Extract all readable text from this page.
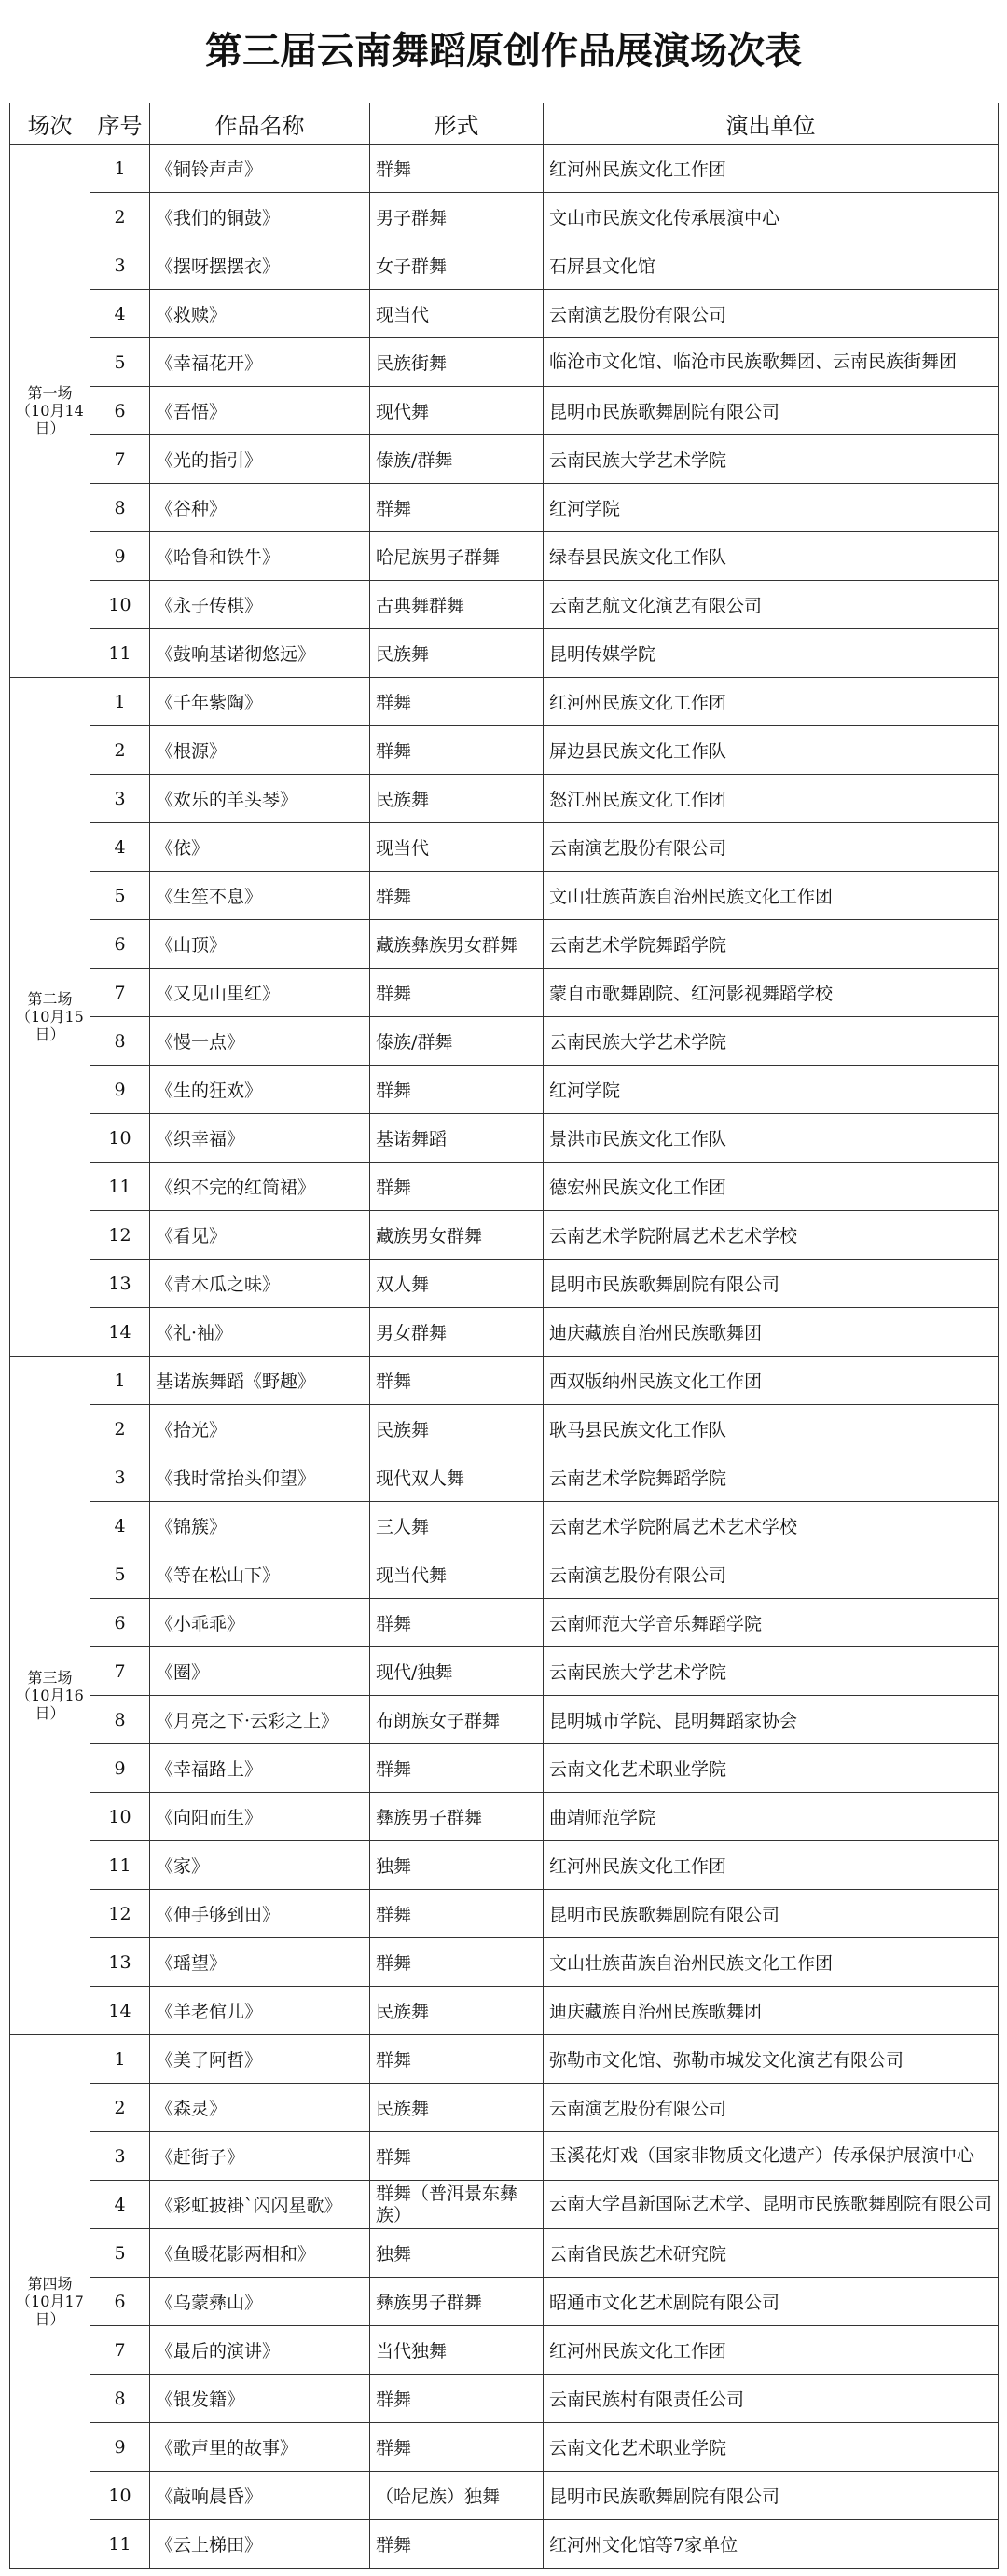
第三届云南舞蹈原创作品展演场次表
场次	序号	作品名称	形式	演出单位
第一场（10月14日）	1	《铜铃声声》	群舞	红河州民族文化工作团
	2	《我们的铜鼓》	男子群舞	文山市民族文化传承展演中心
	3	《摆呀摆摆衣》	女子群舞	石屏县文化馆
	4	《救赎》	现当代	云南演艺股份有限公司
	5	《幸福花开》	民族街舞	临沧市文化馆、临沧市民族歌舞团、云南民族街舞团
	6	《吾悟》	现代舞	昆明市民族歌舞剧院有限公司
	7	《光的指引》	傣族/群舞	云南民族大学艺术学院
	8	《谷种》	群舞	红河学院
	9	《哈鲁和铁牛》	哈尼族男子群舞	绿春县民族文化工作队
	10	《永子传棋》	古典舞群舞	云南艺航文化演艺有限公司
	11	《鼓响基诺彻悠远》	民族舞	昆明传媒学院
第二场（10月15日）	1	《千年紫陶》	群舞	红河州民族文化工作团
	2	《根源》	群舞	屏边县民族文化工作队
	3	《欢乐的羊头琴》	民族舞	怒江州民族文化工作团
	4	《依》	现当代	云南演艺股份有限公司
	5	《生笙不息》	群舞	文山壮族苗族自治州民族文化工作团
	6	《山顶》	藏族彝族男女群舞	云南艺术学院舞蹈学院
	7	《又见山里红》	群舞	蒙自市歌舞剧院、红河影视舞蹈学校
	8	《慢一点》	傣族/群舞	云南民族大学艺术学院
	9	《生的狂欢》	群舞	红河学院
	10	《织幸福》	基诺舞蹈	景洪市民族文化工作队
	11	《织不完的红筒裙》	群舞	德宏州民族文化工作团
	12	《看见》	藏族男女群舞	云南艺术学院附属艺术艺术学校
	13	《青木瓜之味》	双人舞	昆明市民族歌舞剧院有限公司
	14	《礼·袖》	男女群舞	迪庆藏族自治州民族歌舞团
第三场（10月16日）	1	基诺族舞蹈《野趣》	群舞	西双版纳州民族文化工作团
	2	《拾光》	民族舞	耿马县民族文化工作队
	3	《我时常抬头仰望》	现代双人舞	云南艺术学院舞蹈学院
	4	《锦簇》	三人舞	云南艺术学院附属艺术艺术学校
	5	《等在松山下》	现当代舞	云南演艺股份有限公司
	6	《小乖乖》	群舞	云南师范大学音乐舞蹈学院
	7	《圈》	现代/独舞	云南民族大学艺术学院
	8	《月亮之下·云彩之上》	布朗族女子群舞	昆明城市学院、昆明舞蹈家协会
	9	《幸福路上》	群舞	云南文化艺术职业学院
	10	《向阳而生》	彝族男子群舞	曲靖师范学院
	11	《家》	独舞	红河州民族文化工作团
	12	《伸手够到田》	群舞	昆明市民族歌舞剧院有限公司
	13	《瑶望》	群舞	文山壮族苗族自治州民族文化工作团
	14	《羊老倌儿》	民族舞	迪庆藏族自治州民族歌舞团
第四场（10月17日）	1	《美了阿哲》	群舞	弥勒市文化馆、弥勒市城发文化演艺有限公司
	2	《森灵》	民族舞	云南演艺股份有限公司
	3	《赶街子》	群舞	玉溪花灯戏（国家非物质文化遗产）传承保护展演中心
	4	《彩虹披褂`闪闪星歌》	群舞（普洱景东彝族）	云南大学昌新国际艺术学、昆明市民族歌舞剧院有限公司
	5	《鱼暖花影两相和》	独舞	云南省民族艺术研究院
	6	《乌蒙彝山》	彝族男子群舞	昭通市文化艺术剧院有限公司
	7	《最后的演讲》	当代独舞	红河州民族文化工作团
	8	《银发籍》	群舞	云南民族村有限责任公司
	9	《歌声里的故事》	群舞	云南文化艺术职业学院
	10	《敲响晨昏》	（哈尼族）独舞	昆明市民族歌舞剧院有限公司
	11	《云上梯田》	群舞	红河州文化馆等7家单位
